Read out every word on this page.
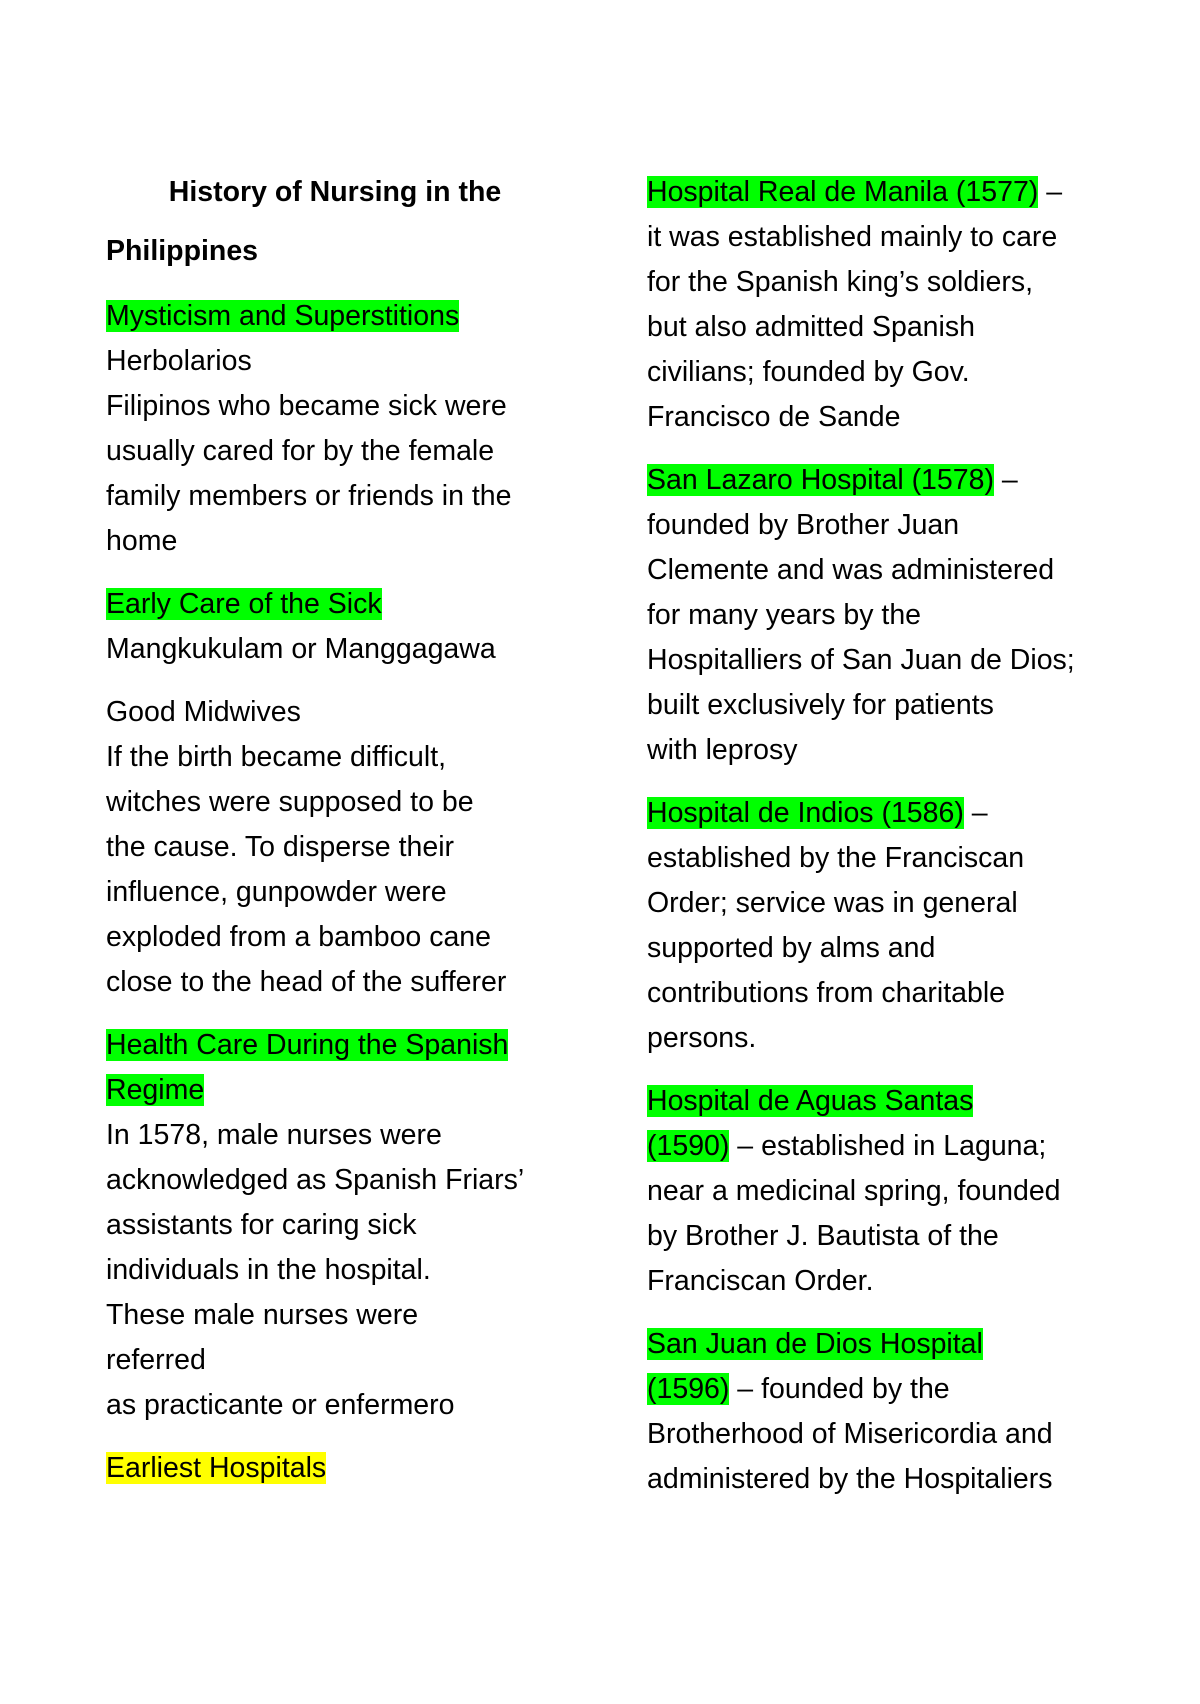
History of Nursing in the
Philippines
Mysticism and Superstitions
Herbolarios
Filipinos who became sick were
usually cared for by the female
family members or friends in the
home
Early Care of the Sick
Mangkukulam or Manggagawa
Good Midwives
If the birth became difficult,
witches were supposed to be
the cause. To disperse their
influence, gunpowder were
exploded from a bamboo cane
close to the head of the sufferer
Health Care During the Spanish
Regime
In 1578, male nurses were
acknowledged as Spanish Friars’
assistants for caring sick
individuals in the hospital.
These male nurses were
referred
as practicante or enfermero
Earliest Hospitals
Hospital Real de Manila (1577) –
it was established mainly to care
for the Spanish king’s soldiers,
but also admitted Spanish
civilians; founded by Gov.
Francisco de Sande
San Lazaro Hospital (1578) –
founded by Brother Juan
Clemente and was administered
for many years by the
Hospitalliers of San Juan de Dios;
built exclusively for patients
with leprosy
Hospital de Indios (1586) –
established by the Franciscan
Order; service was in general
supported by alms and
contributions from charitable
persons.
Hospital de Aguas Santas
(1590) – established in Laguna;
near a medicinal spring, founded
by Brother J. Bautista of the
Franciscan Order.
San Juan de Dios Hospital
(1596) – founded by the
Brotherhood of Misericordia and
administered by the Hospitaliers
